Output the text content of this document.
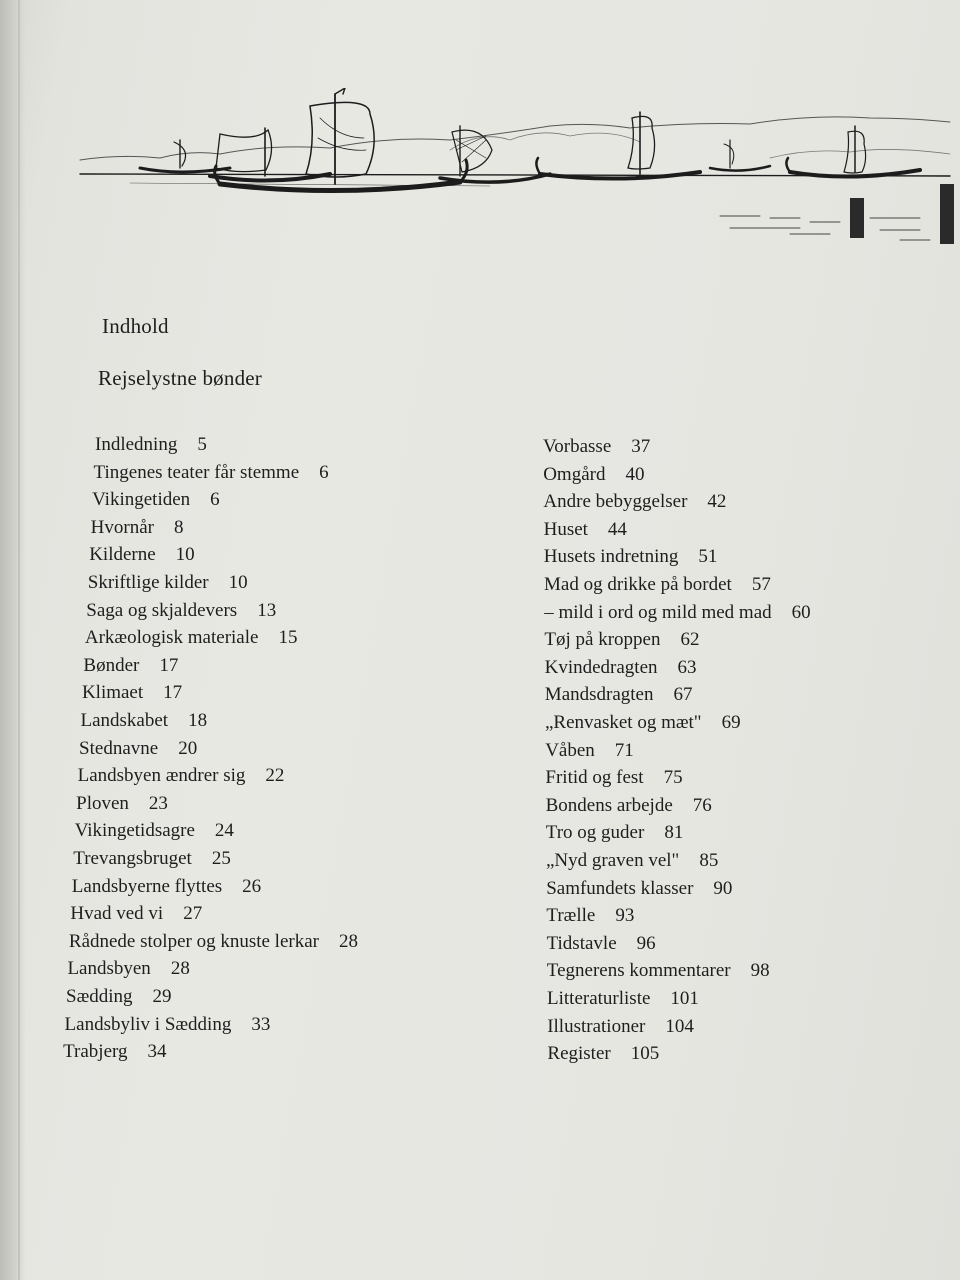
Indhold
Rejselystne bønder
Indledning 5
Tingenes teater får stemme 6
Vikingetiden 6
Hvornår 8
Kilderne 10
Skriftlige kilder 10
Saga og skjaldevers 13
Arkæologisk materiale 15
Bønder 17
Klimaet 17
Landskabet 18
Stednavne 20
Landsbyen ændrer sig 22
Ploven 23
Vikingetidsagre 24
Trevangsbruget 25
Landsbyerne flyttes 26
Hvad ved vi 27
Rådnede stolper og knuste lerkar 28
Landsbyen 28
Sædding 29
Landsbyliv i Sædding 33
Trabjerg 34
Vorbasse 37
Omgård 40
Andre bebyggelser 42
Huset 44
Husets indretning 51
Mad og drikke på bordet 57
– mild i ord og mild med mad 60
Tøj på kroppen 62
Kvindedragten 63
Mandsdragten 67
„Renvasket og mæt" 69
Våben 71
Fritid og fest 75
Bondens arbejde 76
Tro og guder 81
„Nyd graven vel" 85
Samfundets klasser 90
Trælle 93
Tidstavle 96
Tegnerens kommentarer 98
Litteraturliste 101
Illustrationer 104
Register 105
